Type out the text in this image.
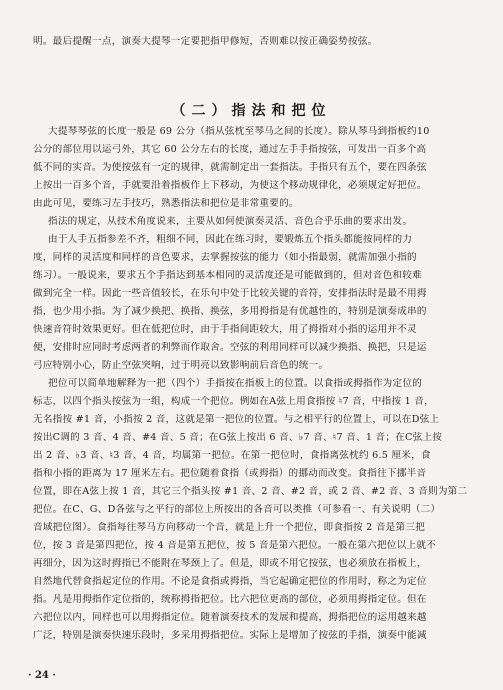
明。最后提醒一点，演奏大提琴一定要把指甲修短，否则难以按正确姿势按弦。
（二）指法和把位
大提琴琴弦的长度一般是 69 公分（指从弦枕至琴马之间的长度）。除从琴马到指板约10
公分的部位用以运弓外，其它 60 公分左右的长度，通过左手手指按弦，可发出一百多个高
低不同的实音。为使按弦有一定的规律，就需制定出一套指法。手指只有五个，要在四条弦
上按出一百多个音，手就要沿着指板作上下移动，为使这个移动规律化，必须规定好把位。
由此可见，要练习左手技巧，熟悉指法和把位是非常重要的。
指法的规定，从技术角度说来，主要从如何使演奏灵活、音色合乎乐曲的要求出发。
由于人手五指参差不齐，粗细不同，因此在练习时，要锻炼五个指头都能按同样的力
度，同样的灵活度和同样的音色要求，去掌握按弦的能力（如小指最弱，就需加强小指的
练习）。一般说来，要求五个手指达到基本相同的灵活度还是可能做到的，但对音色和较难
做到完全一样。因此一些音值较长，在乐句中处于比较关键的音符，安排指法时是最不用拇
指，也少用小指。为了减少换把、换指、换弦，多用拇指是有优越性的，特别是演奏成串的
快速音符时效果更好。但在低把位时，由于手指间距较大，用了拇指对小指的运用并不灵
便，安排时应同时考虑两者的利弊而作取舍。空弦的利用同样可以减少换指、换把，只是运
弓应特别小心，防止空弦突响，过于明亮以致影响前后音色的统一。
把位可以简单地解释为一把（四个）手指按在指板上的位置。以食指或拇指作为定位的
标志，以四个指头按弦为一组，构成一个把位。例如在A弦上用食指按 ♮7 音，中指按 1 音，
无名指按 #1 音，小指按 2 音，这就是第一把位的位置。与之相平行的位置上，可以在D弦上
按出C调的 3 音、4 音、#4 音、5 音；在G弦上按出 6 音、♭7 音、♮7 音、1 音；在C弦上按
出 2 音、♭3 音、♮3 音、4 音，均属第一把位。在第一把位时，食指离弦枕约 6.5 厘米，食
指和小指的距离为 17 厘米左右。把位随着食指（或拇指）的挪动而改变。食指往下挪半音
位置，即在A弦上按 1 音，其它三个指头按 #1 音、2 音、#2 音，或 2 音、#2 音、3 音则为第二
把位。在C、G、D各弦与之平行的部位上所按出的各音可以类推（可参看一、有关说明（二）
音域把位图）。食指每往琴马方向移动一个音，就是上升一个把位，即食指按 2 音是第三把
位，按 3 音是第四把位，按 4 音是第五把位，按 5 音是第六把位。一般在第六把位以上就不
再细分，因为这时拇指已不能附在琴颈上了。但是，即或不用它按弦，也必须放在指板上，
自然地代替食指起定位的作用。不论是食指或拇指，当它起确定把位的作用时，称之为定位
指。凡是用拇指作定位指的，统称拇指把位。比六把位更高的部位，必须用拇指定位。但在
六把位以内，同样也可以用拇指定位。随着演奏技术的发展和提高，拇指把位的运用越来越
广泛，特别是演奏快速乐段时，多采用拇指把位。实际上是增加了按弦的手指，演奏中能减
· 24 ·
